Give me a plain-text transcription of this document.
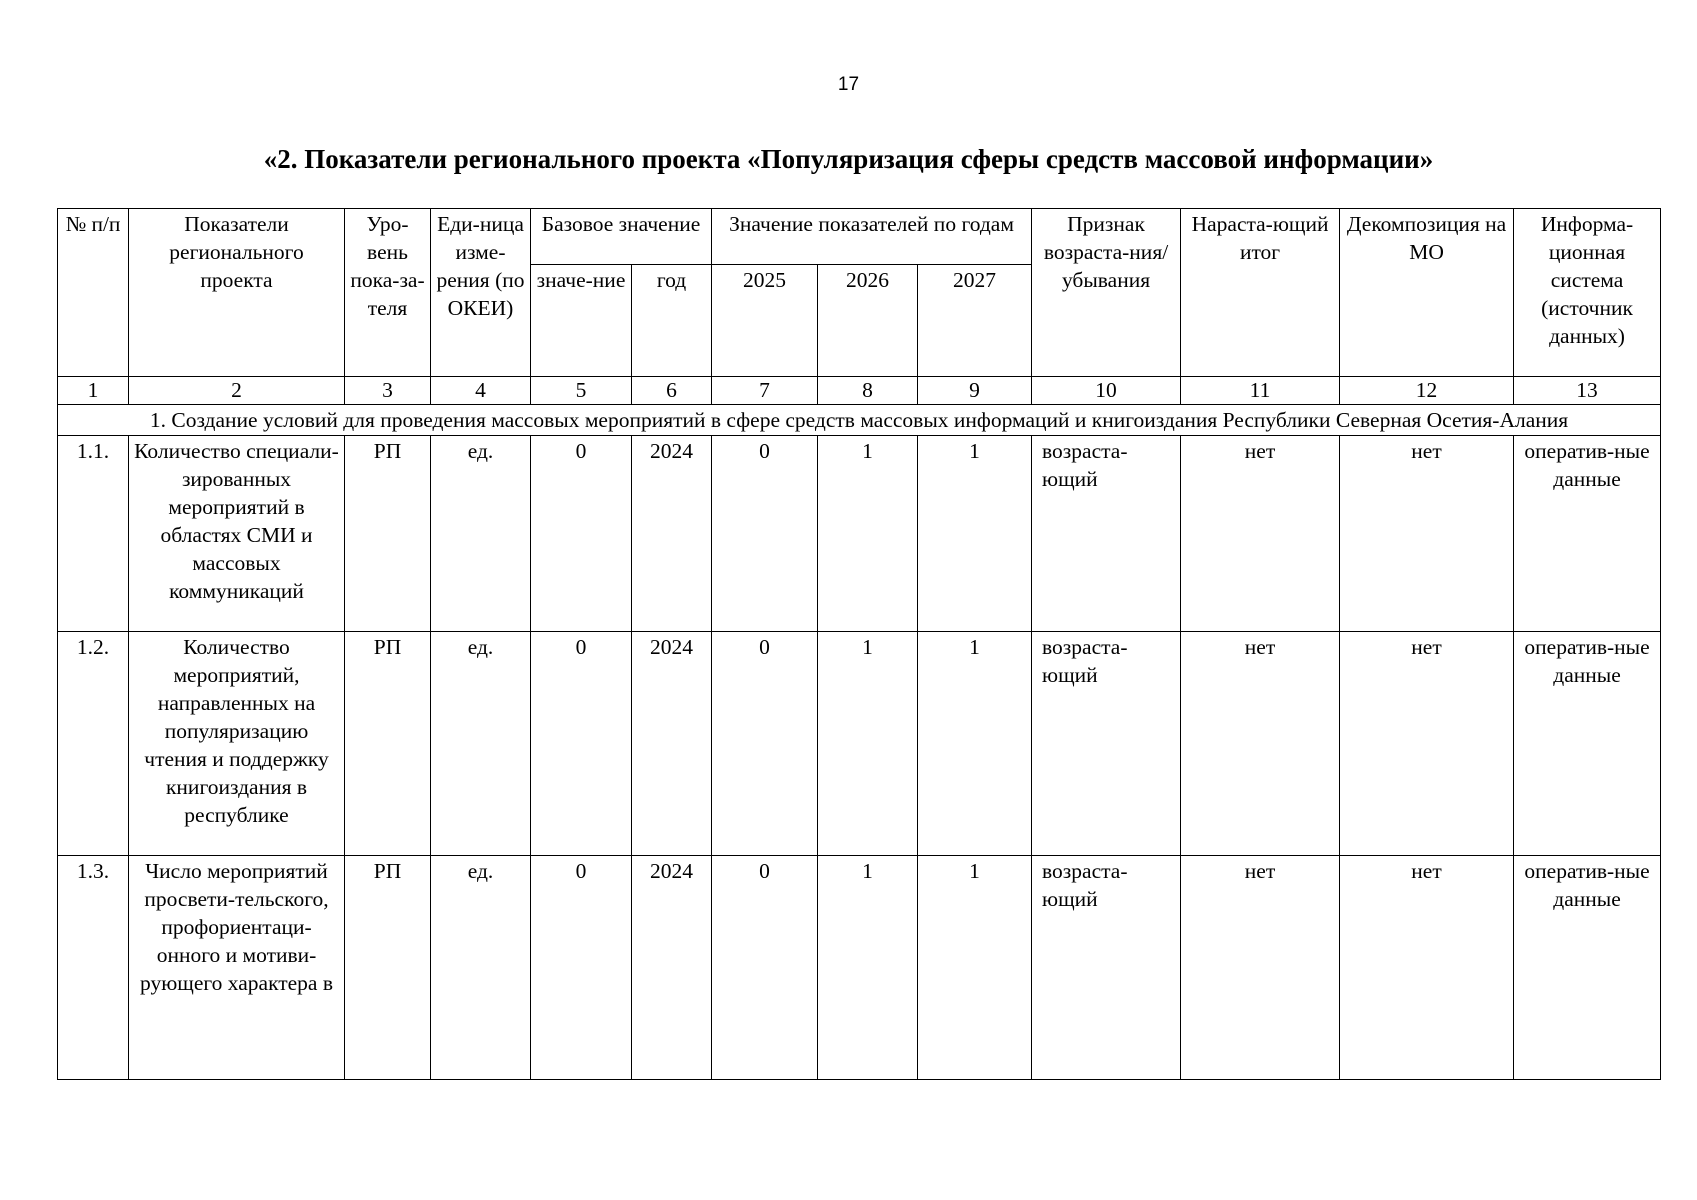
17
«2. Показатели регионального проекта «Популяризация сферы средств массовой информации»
№ п/п	Показатели регионального проекта	Уро-вень пока-за-теля	Еди-ница изме-рения (по ОКЕИ)	Базовое значение		Значение показателей по годам			Признак возраста-ния/ убывания	Нараста-ющий итог	Декомпозиция на МО	Информа-ционная система (источник данных)
				значе-ние	год	2025	2026	2027				
1	2	3	4	5	6	7	8	9	10	11	12	13
1. Создание условий для проведения массовых мероприятий в сфере средств массовых информаций и книгоиздания Республики Северная Осетия-Алания												
1.1.	Количество специали-зированных мероприятий в областях СМИ и массовых коммуникаций	РП	ед.	0	2024	0	1	1	возраста-ющий	нет	нет	оператив-ные данные
1.2.	Количество мероприятий, направленных на популяризацию чтения и поддержку книгоиздания в республике	РП	ед.	0	2024	0	1	1	возраста-ющий	нет	нет	оператив-ные данные
1.3.	Число мероприятий просвети-тельского, профориентаци-онного и мотиви-рующего характера в	РП	ед.	0	2024	0	1	1	возраста-ющий	нет	нет	оператив-ные данные
